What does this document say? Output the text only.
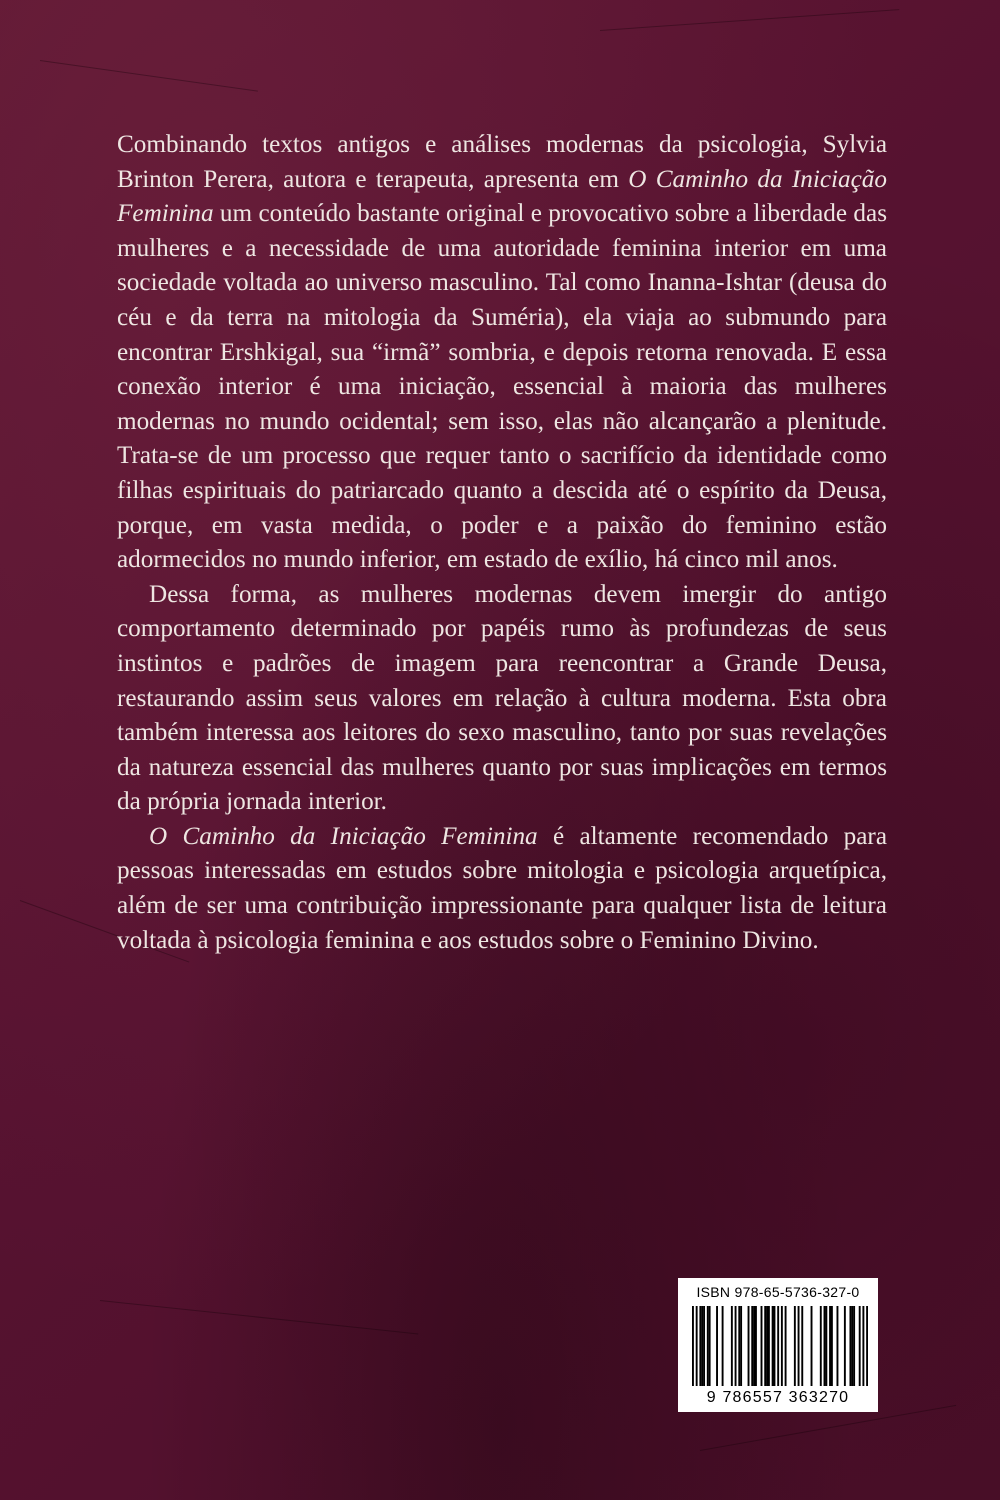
Combinando textos antigos e análises modernas da psicologia, Sylvia Brinton Perera, autora e terapeuta, apresenta em O Caminho da Iniciação Feminina um conteúdo bastante original e provocativo sobre a liberdade das mulheres e a necessidade de uma autoridade feminina interior em uma sociedade voltada ao universo masculino. Tal como Inanna-Ishtar (deusa do céu e da terra na mitologia da Suméria), ela viaja ao submundo para encontrar Ershkigal, sua “irmã” sombria, e depois retorna renovada. E essa conexão interior é uma iniciação, essencial à maioria das mulheres modernas no mundo ocidental; sem isso, elas não alcançarão a plenitude. Trata-se de um processo que requer tanto o sacrifício da identidade como filhas espirituais do patriarcado quanto a descida até o espírito da Deusa, porque, em vasta medida, o poder e a paixão do feminino estão adormecidos no mundo inferior, em estado de exílio, há cinco mil anos.

Dessa forma, as mulheres modernas devem imergir do antigo comportamento determinado por papéis rumo às profundezas de seus instintos e padrões de imagem para reencontrar a Grande Deusa, restaurando assim seus valores em relação à cultura moderna. Esta obra também interessa aos leitores do sexo masculino, tanto por suas revelações da natureza essencial das mulheres quanto por suas implicações em termos da própria jornada interior.

O Caminho da Iniciação Feminina é altamente recomendado para pessoas interessadas em estudos sobre mitologia e psicologia arquetípica, além de ser uma contribuição impressionante para qualquer lista de leitura voltada à psicologia feminina e aos estudos sobre o Feminino Divino.

ISBN 978-65-5736-327-0
9 786557 363270
